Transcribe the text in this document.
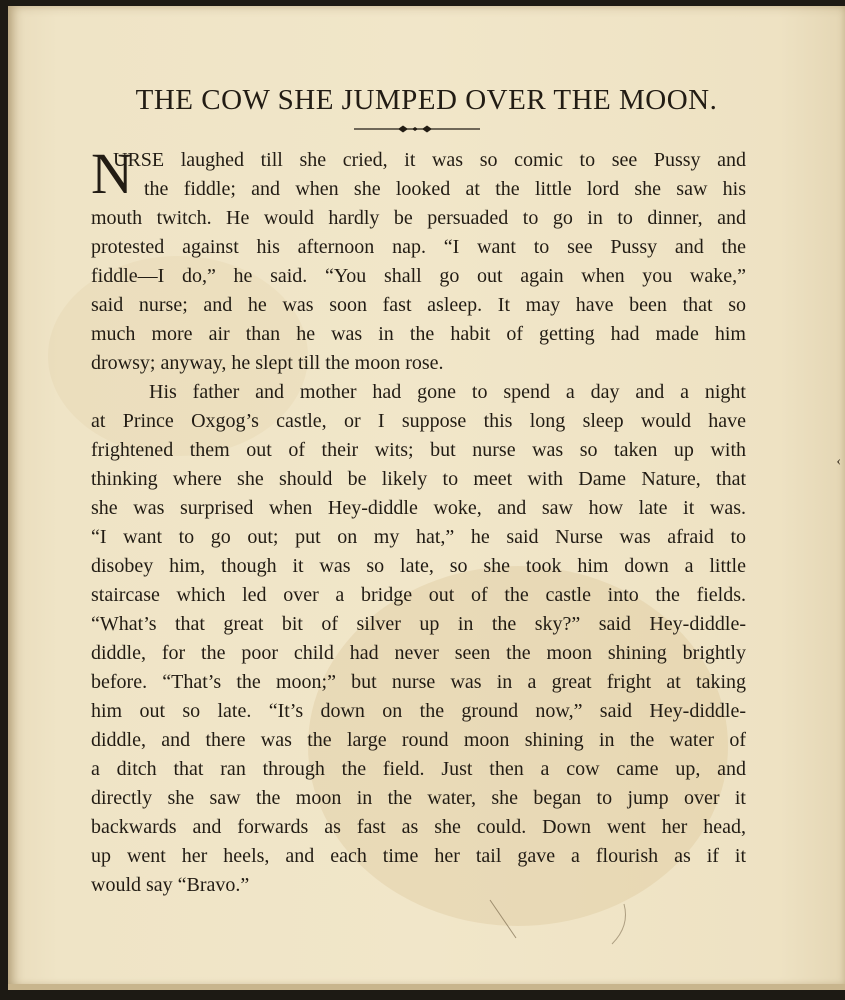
THE COW SHE JUMPED OVER THE MOON.
N
URSE laughed till she cried, it was so comic to see Pussy and
the fiddle; and when she looked at the little lord she saw his
mouth twitch. He would hardly be persuaded to go in to dinner, and
protested against his afternoon nap. “I want to see Pussy and the
fiddle—I do,” he said. “You shall go out again when you wake,”
said nurse; and he was soon fast asleep. It may have been that so
much more air than he was in the habit of getting had made him
drowsy; anyway, he slept till the moon rose.
His father and mother had gone to spend a day and a night
at Prince Oxgog’s castle, or I suppose this long sleep would have
frightened them out of their wits; but nurse was so taken up with
thinking where she should be likely to meet with Dame Nature, that
she was surprised when Hey-diddle woke, and saw how late it was.
“I want to go out; put on my hat,” he said Nurse was afraid to
disobey him, though it was so late, so she took him down a little
staircase which led over a bridge out of the castle into the fields.
“What’s that great bit of silver up in the sky?” said Hey-diddle-
diddle, for the poor child had never seen the moon shining brightly
before. “That’s the moon;” but nurse was in a great fright at taking
him out so late. “It’s down on the ground now,” said Hey-diddle-
diddle, and there was the large round moon shining in the water of
a ditch that ran through the field. Just then a cow came up, and
directly she saw the moon in the water, she began to jump over it
backwards and forwards as fast as she could. Down went her head,
up went her heels, and each time her tail gave a flourish as if it
would say “Bravo.”
‹
